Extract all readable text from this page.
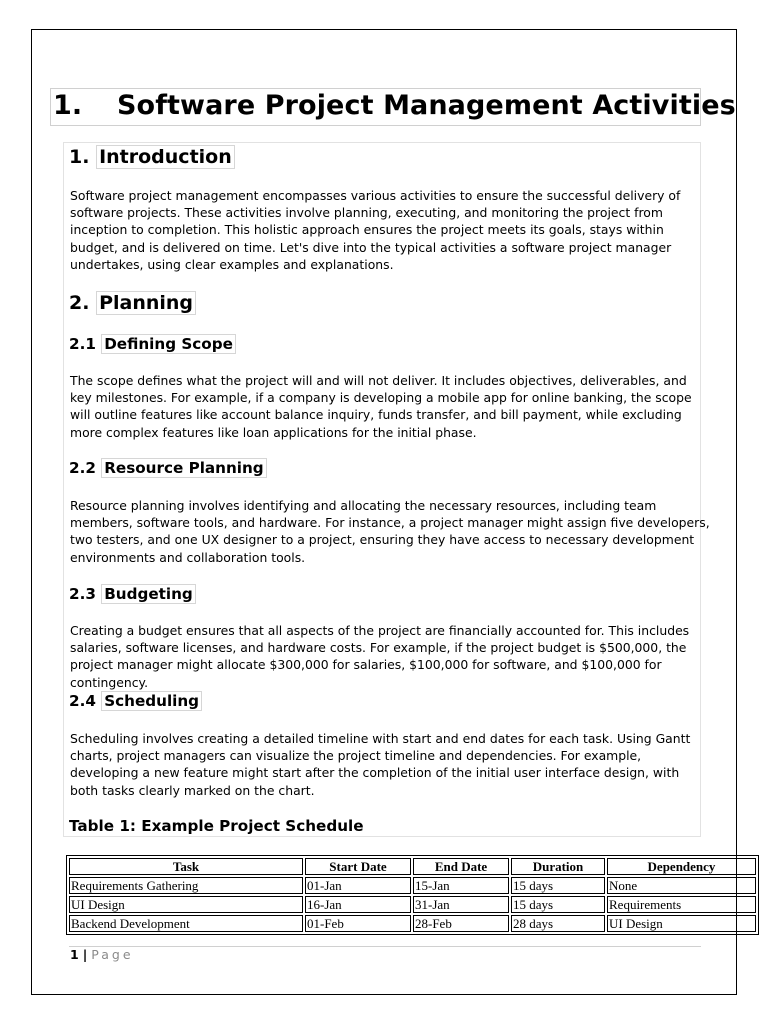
1. Software Project Management Activities
1. Introduction
Software project management encompasses various activities to ensure the successful delivery of software projects. These activities involve planning, executing, and monitoring the project from inception to completion. This holistic approach ensures the project meets its goals, stays within budget, and is delivered on time. Let's dive into the typical activities a software project manager undertakes, using clear examples and explanations.
2. Planning
2.1 Defining Scope
The scope defines what the project will and will not deliver. It includes objectives, deliverables, and key milestones. For example, if a company is developing a mobile app for online banking, the scope will outline features like account balance inquiry, funds transfer, and bill payment, while excluding more complex features like loan applications for the initial phase.
2.2 Resource Planning
Resource planning involves identifying and allocating the necessary resources, including team members, software tools, and hardware. For instance, a project manager might assign five developers, two testers, and one UX designer to a project, ensuring they have access to necessary development environments and collaboration tools.
2.3 Budgeting
Creating a budget ensures that all aspects of the project are financially accounted for. This includes salaries, software licenses, and hardware costs. For example, if the project budget is $500,000, the project manager might allocate $300,000 for salaries, $100,000 for software, and $100,000 for contingency.
2.4 Scheduling
Scheduling involves creating a detailed timeline with start and end dates for each task. Using Gantt charts, project managers can visualize the project timeline and dependencies. For example, developing a new feature might start after the completion of the initial user interface design, with both tasks clearly marked on the chart.
Table 1: Example Project Schedule
Task	Start Date	End Date	Duration	Dependency
Requirements Gathering	01-Jan	15-Jan	15 days	None
UI Design	16-Jan	31-Jan	15 days	Requirements
Backend Development	01-Feb	28-Feb	28 days	UI Design
1 | Page
